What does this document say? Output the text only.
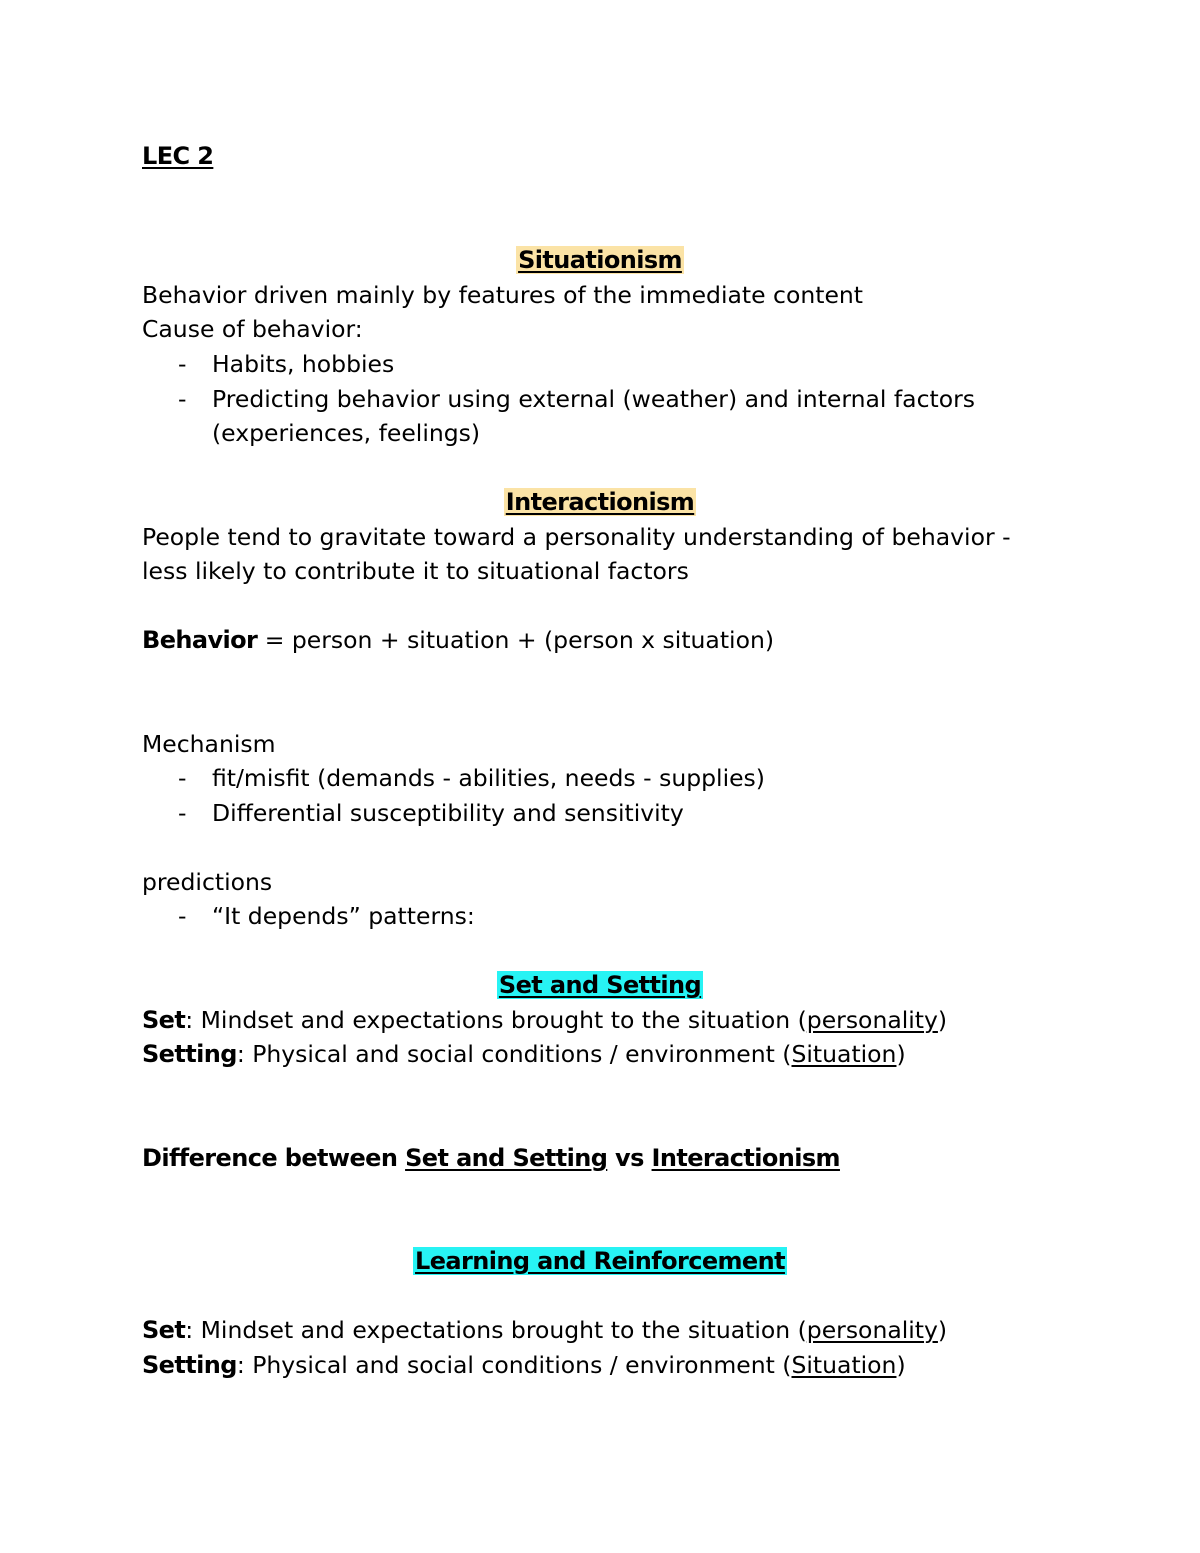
LEC 2
Situationism
Behavior driven mainly by features of the immediate content
Cause of behavior:
- Habits, hobbies
- Predicting behavior using external (weather) and internal factors
(experiences, feelings)
Interactionism
People tend to gravitate toward a personality understanding of behavior -
less likely to contribute it to situational factors
Behavior = person + situation + (person x situation)
Mechanism
- fit/misfit (demands - abilities, needs - supplies)
- Differential susceptibility and sensitivity
predictions
- “It depends” patterns:
Set and Setting
Set: Mindset and expectations brought to the situation (personality)
Setting: Physical and social conditions / environment (Situation)
Difference between Set and Setting vs Interactionism
Learning and Reinforcement
Set: Mindset and expectations brought to the situation (personality)
Setting: Physical and social conditions / environment (Situation)
